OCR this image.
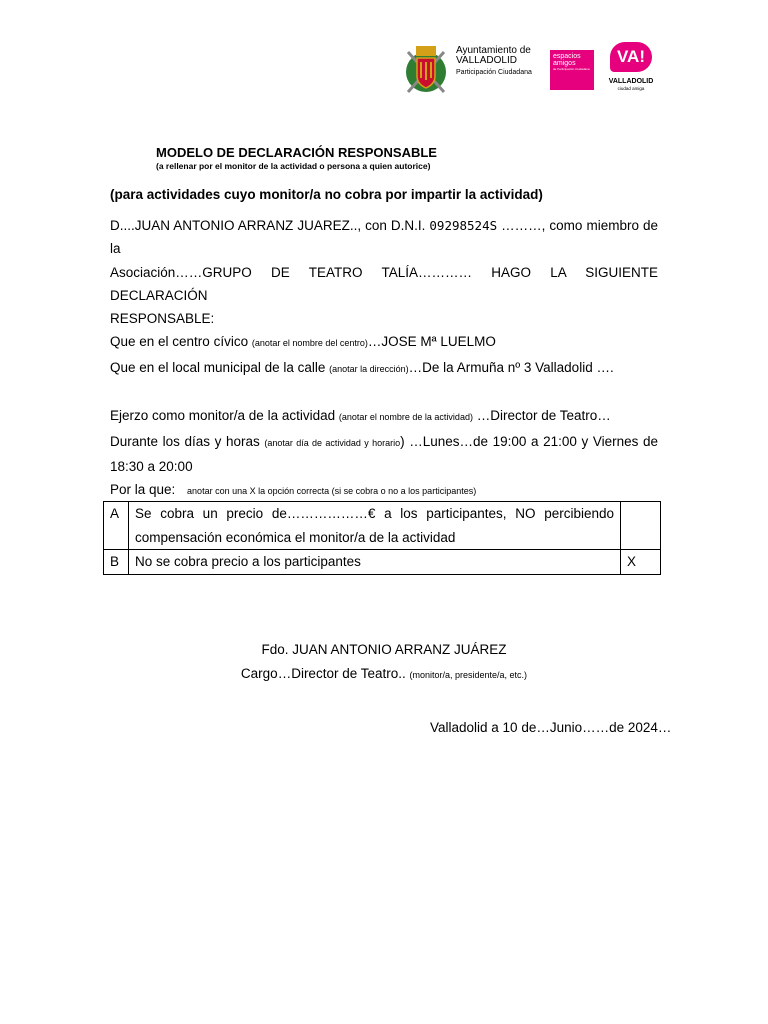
Ayuntamiento de
VALLADOLID
Participación Ciudadana
espacios
amigos
de Participación Ciudadana
VA!
VALLADOLID
ciudad amiga
MODELO DE DECLARACIÓN RESPONSABLE
(a rellenar por el monitor de la actividad o persona a quien autorice)
(para actividades cuyo monitor/a no cobra por impartir la actividad)
D....JUAN ANTONIO ARRANZ JUAREZ.., con D.N.I. 09298524S ………, como miembro de la
Asociación……GRUPO DE TEATRO TALÍA………… HAGO LA SIGUIENTE DECLARACIÓN
RESPONSABLE:
Que en el centro cívico (anotar el nombre del centro)…JOSE Mª LUELMO
Que en el local municipal de la calle (anotar la dirección)…De la Armuña nº 3 Valladolid ….
Ejerzo como monitor/a de la actividad (anotar el nombre de la actividad) …Director de Teatro…
Durante los días y horas (anotar día de actividad y horario) …Lunes…de 19:00 a 21:00 y Viernes de
18:30 a 20:00
Por la que: anotar con una X la opción correcta (si se cobra o no a los participantes)
A	Se cobra un precio de………………€ a los participantes, NO percibiendo
compensación económica el monitor/a de la actividad	
B	No se cobra precio a los participantes	X
Fdo. JUAN ANTONIO ARRANZ JUÁREZ
Cargo…Director de Teatro.. (monitor/a, presidente/a, etc.)
Valladolid a 10 de…Junio……de 2024…
